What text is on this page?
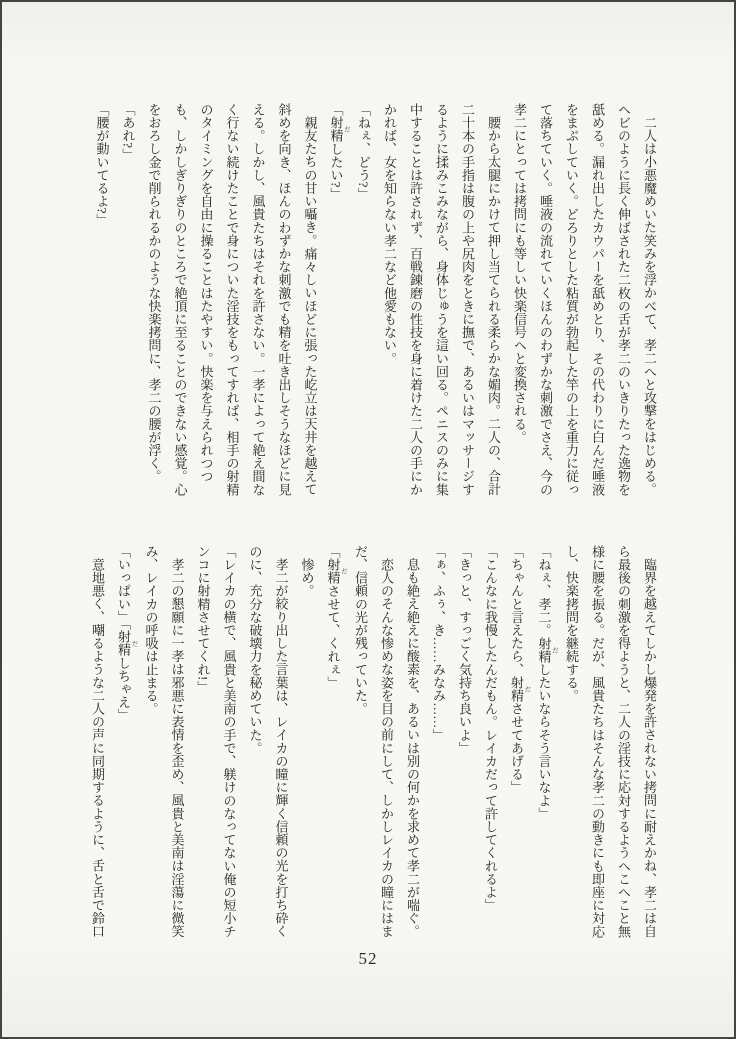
二人は小悪魔めいた笑みを浮かべて、孝二へと攻撃をはじめる。
ヘビのように長く伸ばされた二枚の舌が孝二のいきりたった逸物を
舐める。漏れ出したカウパーを舐めとり、その代わりに白んだ唾液
をまぶしていく。どろりとした粘質が勃起した竿の上を重力に従っ
て落ちていく。唾液の流れていくほんのわずかな刺激でさえ、今の
孝二にとっては拷問にも等しい快楽信号へと変換される。
腰から太腿にかけて押し当てられる柔らかな媚肉。二人の、合計
二十本の手指は腹の上や尻肉をときに撫で、あるいはマッサージす
るように揉みこみながら、身体じゅうを這い回る。ペニスのみに集
中することは許されず、百戦錬磨の性技を身に着けた二人の手にか
かれば、女を知らない孝二など他愛もない。
「ねぇ、どう?」
「射精 だしたい?」
親友たちの甘い囁き。痛々しいほどに張った屹立は天井を越えて
斜めを向き、ほんのわずかな刺激でも精を吐き出しそうなほどに見
える。しかし、風貴たちはそれを許さない。一孝によって絶え間な
く行ない続けたことで身についた淫技をもってすれば、相手の射精
のタイミングを自由に操ることはたやすい。快楽を与えられつつ
も、しかしぎりぎりのところで絶頂に至ることのできない感覚。心
をおろし金で削られるかのような快楽拷問に、孝二の腰が浮く。
「あれ?」
「腰が動いてるよ?」
臨界を越えてしかし爆発を許されない拷問に耐えかね、孝二は自
ら最後の刺激を得ようと、二人の淫技に応対するようへこへこと無
様に腰を振る。だが、風貴たちはそんな孝二の動きにも即座に対応
し、快楽拷問を継続する。
「ねぇ、孝二。射精 だしたいならそう言いなよ」
「ちゃんと言えたら、射精 ださせてあげる」
「こんなに我慢したんだもん。レイカだって許してくれるよ」
「きっと、すっごく気持ち良いよ」
「ぁ、ふぅ、き……みなみ……」
息も絶え絶えに酸素を、あるいは別の何かを求めて孝二が喘ぐ。
恋人のそんな惨めな姿を目の前にして、しかしレイカの瞳にはま
だ、信頼の光が残っていた。
「射精 ださせて、くれぇ」
惨め。
孝二が絞り出した言葉は、レイカの瞳に輝く信頼の光を打ち砕く
のに、充分な破壊力を秘めていた。
「レイカの横で、風貴と美南の手で、躾けのなってない俺の短小チ
ンコに射精させてくれ!」
孝二の懇願に一孝は邪悪に表情を歪め、風貴と美南は淫蕩に微笑
み、レイカの呼吸は止まる。
「いっぱい」「射精 だしちゃえ」
意地悪く、嘲るような二人の声に同期するように、舌と舌で鈴口
52
